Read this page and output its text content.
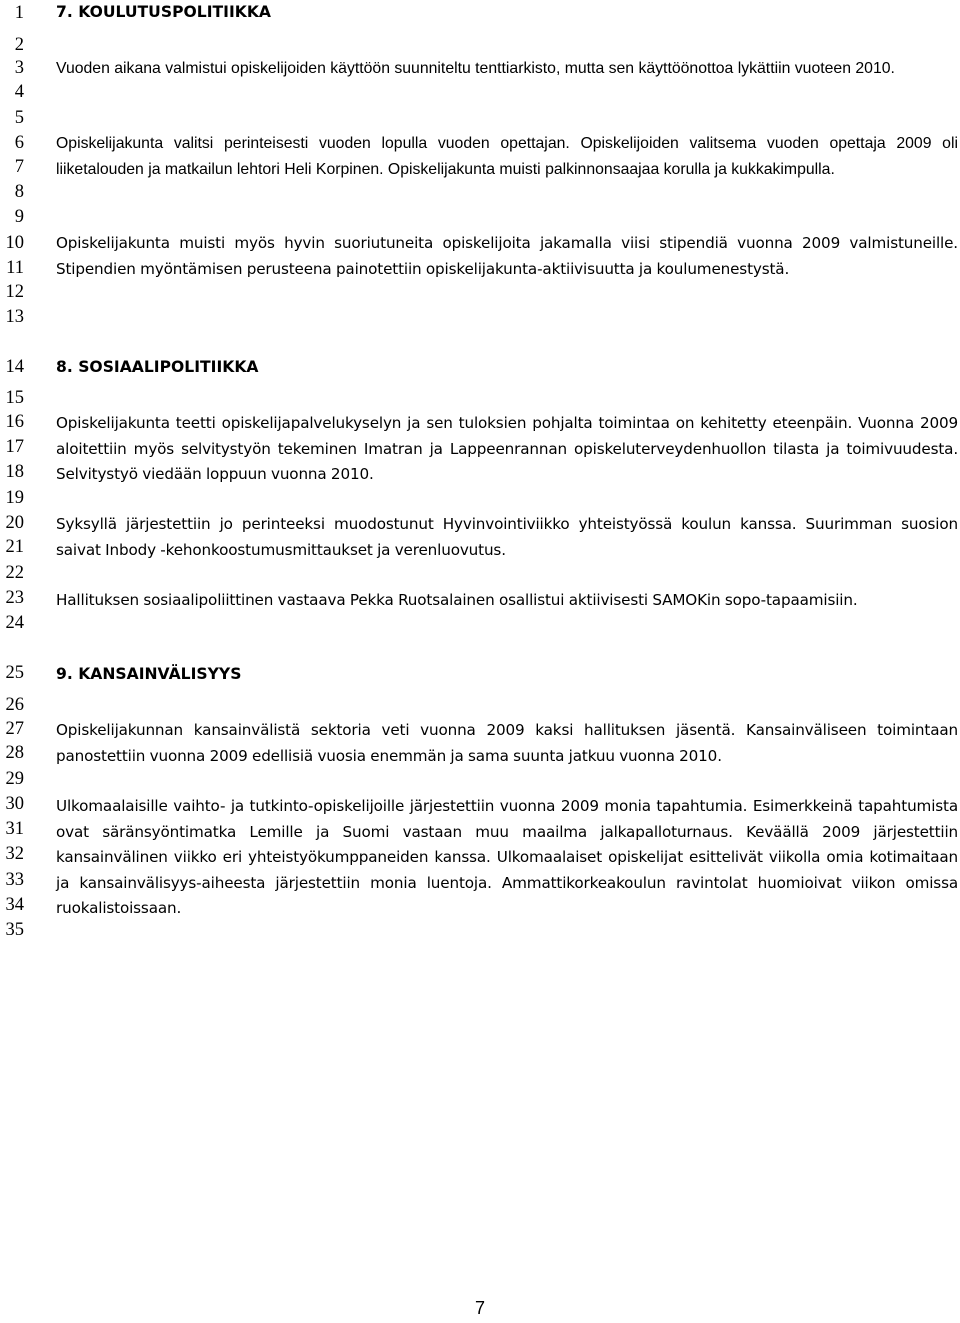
1
2
3
4
5
6
7
8
9
10
11
12
13
14
15
16
17
18
19
20
21
22
23
24
25
26
27
28
29
30
31
32
33
34
35
7. KOULUTUSPOLITIIKKA

Vuoden aikana valmistui opiskelijoiden käyttöön suunniteltu tenttiarkisto, mutta sen käyttöönottoa lykättiin vuoteen 2010.

Opiskelijakunta valitsi perinteisesti vuoden lopulla vuoden opettajan. Opiskelijoiden valitsema vuoden opettaja 2009 oli liiketalouden ja matkailun lehtori Heli Korpinen. Opiskelijakunta muisti palkinnonsaajaa korulla ja kukkakimpulla.

Opiskelijakunta muisti myös hyvin suoriutuneita opiskelijoita jakamalla viisi stipendiä vuonna 2009 valmistuneille. Stipendien myöntämisen perusteena painotettiin opiskelijakunta-aktiivisuutta ja koulumenestystä.

8. SOSIAALIPOLITIIKKA

Opiskelijakunta teetti opiskelijapalvelukyselyn ja sen tuloksien pohjalta toimintaa on kehitetty eteenpäin. Vuonna 2009 aloitettiin myös selvitystyön tekeminen Imatran ja Lappeenrannan opiskeluterveydenhuollon tilasta ja toimivuudesta. Selvitystyö viedään loppuun vuonna 2010.

Syksyllä järjestettiin jo perinteeksi muodostunut Hyvinvointiviikko yhteistyössä koulun kanssa. Suurimman suosion saivat Inbody -kehonkoostumusmittaukset ja verenluovutus.

Hallituksen sosiaalipoliittinen vastaava Pekka Ruotsalainen osallistui aktiivisesti SAMOKin sopo-tapaamisiin.

9. KANSAINVÄLISYYS

Opiskelijakunnan kansainvälistä sektoria veti vuonna 2009 kaksi hallituksen jäsentä. Kansainväliseen toimintaan panostettiin vuonna 2009 edellisiä vuosia enemmän ja sama suunta jatkuu vuonna 2010.

Ulkomaalaisille vaihto- ja tutkinto-opiskelijoille järjestettiin vuonna 2009 monia tapahtumia. Esimerkkeinä tapahtumista ovat säränsyöntimatka Lemille ja Suomi vastaan muu maailma jalkapalloturnaus. Keväällä 2009 järjestettiin kansainvälinen viikko eri yhteistyökumppaneiden kanssa. Ulkomaalaiset opiskelijat esittelivät viikolla omia kotimaitaan ja kansainvälisyys-aiheesta järjestettiin monia luentoja. Ammattikorkeakoulun ravintolat huomioivat viikon omissa ruokalistoissaan.

7
